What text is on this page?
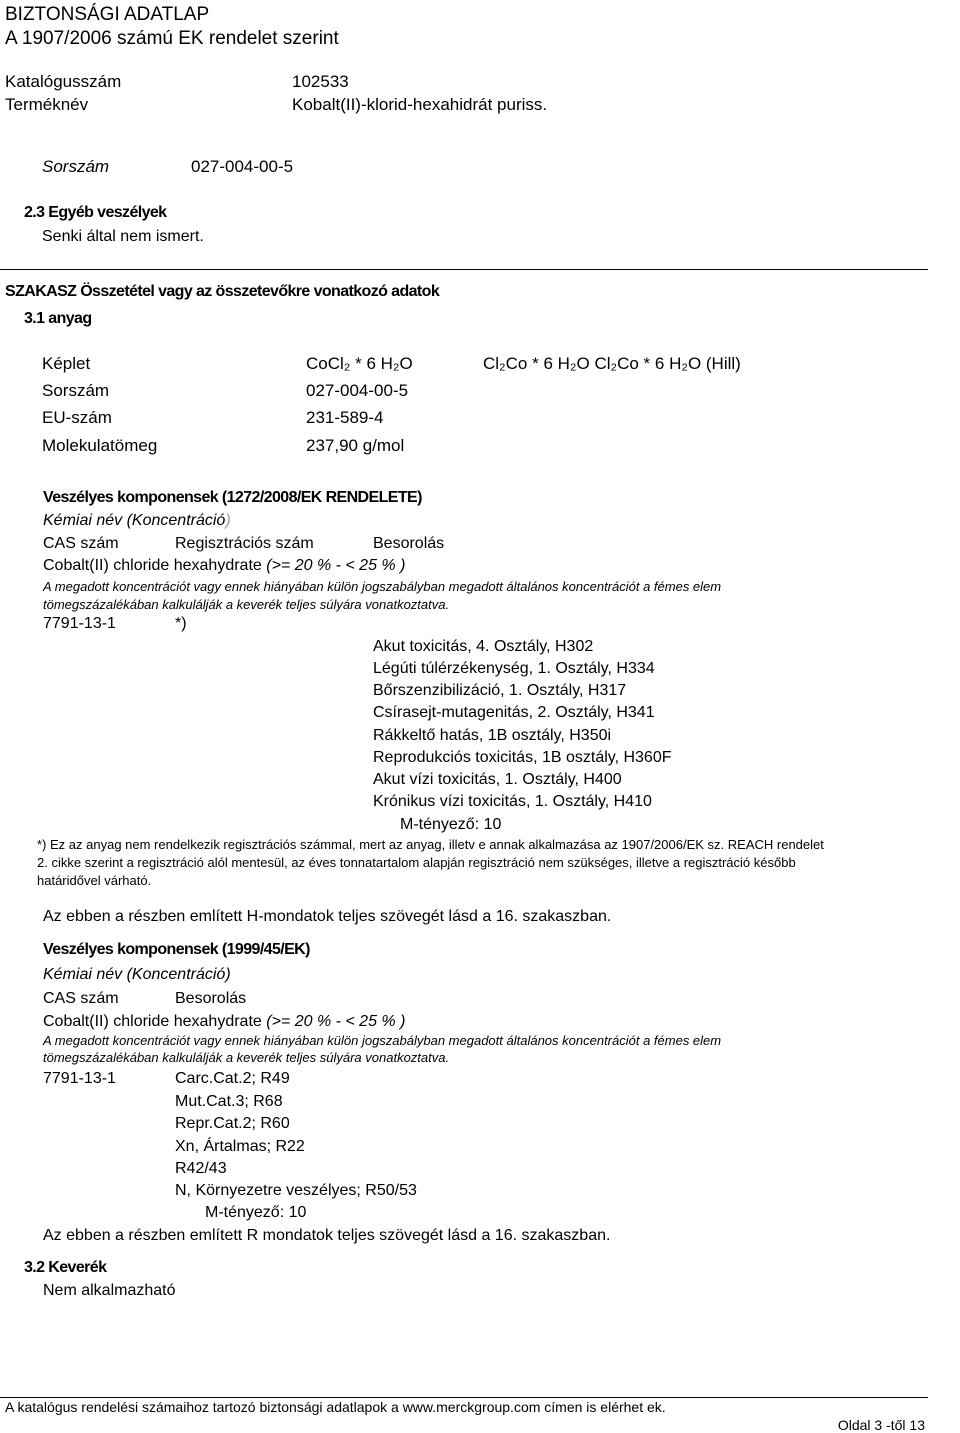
BIZTONSÁGI ADATLAP
A 1907/2006 számú EK rendelet szerint
Katalógusszám	102533
Terméknév	Kobalt(II)-klorid-hexahidrát puriss.
Sorszám	027-004-00-5
2.3 Egyéb veszélyek
Senki által nem ismert.
SZAKASZ Összetétel vagy az összetevőkre vonatkozó adatok
3.1 anyag
Képlet	CoCl₂ * 6 H₂O	Cl₂Co * 6 H₂O Cl₂Co * 6 H₂O (Hill)
Sorszám	027-004-00-5
EU-szám	231-589-4
Molekulatömeg	237,90 g/mol
Veszélyes komponensek (1272/2008/EK RENDELETE)
Kémiai név (Koncentráció)
CAS szám	Regisztrációs szám	Besorolás
Cobalt(II) chloride hexahydrate (>= 20 % - < 25 % )
A megadott koncentrációt vagy ennek hiányában külön jogszabályban megadott általános koncentrációt a fémes elem
tömegszázalékában kalkulálják a keverék teljes súlyára vonatkoztatva.
7791-13-1	*)
Akut toxicitás, 4. Osztály, H302
Légúti túlérzékenység, 1. Osztály, H334
Bőrszenzibilizáció, 1. Osztály, H317
Csírasejt-mutagenitás, 2. Osztály, H341
Rákkeltő hatás, 1B osztály, H350i
Reprodukciós toxicitás, 1B osztály, H360F
Akut vízi toxicitás, 1. Osztály, H400
Krónikus vízi toxicitás, 1. Osztály, H410
M-tényező: 10
*) Ez az anyag nem rendelkezik regisztrációs számmal, mert az anyag, illetv e annak alkalmazása az 1907/2006/EK sz. REACH rendelet
2. cikke szerint a regisztráció alól mentesül, az éves tonnatartalom alapján regisztráció nem szükséges, illetve a regisztráció később
határidővel várható.
Az ebben a részben említett H-mondatok teljes szövegét lásd a 16. szakaszban.
Veszélyes komponensek (1999/45/EK)
Kémiai név (Koncentráció)
CAS szám	Besorolás
Cobalt(II) chloride hexahydrate (>= 20 % - < 25 % )
A megadott koncentrációt vagy ennek hiányában külön jogszabályban megadott általános koncentrációt a fémes elem
tömegszázalékában kalkulálják a keverék teljes súlyára vonatkoztatva.
7791-13-1	Carc.Cat.2; R49
Mut.Cat.3; R68
Repr.Cat.2; R60
Xn, Ártalmas; R22
R42/43
N, Környezetre veszélyes; R50/53
M-tényező: 10
Az ebben a részben említett R mondatok teljes szövegét lásd a 16. szakaszban.
3.2 Keverék
Nem alkalmazható
A katalógus rendelési számaihoz tartozó biztonsági adatlapok a www.merckgroup.com címen is elérhet ek.
Oldal 3 -től 13
